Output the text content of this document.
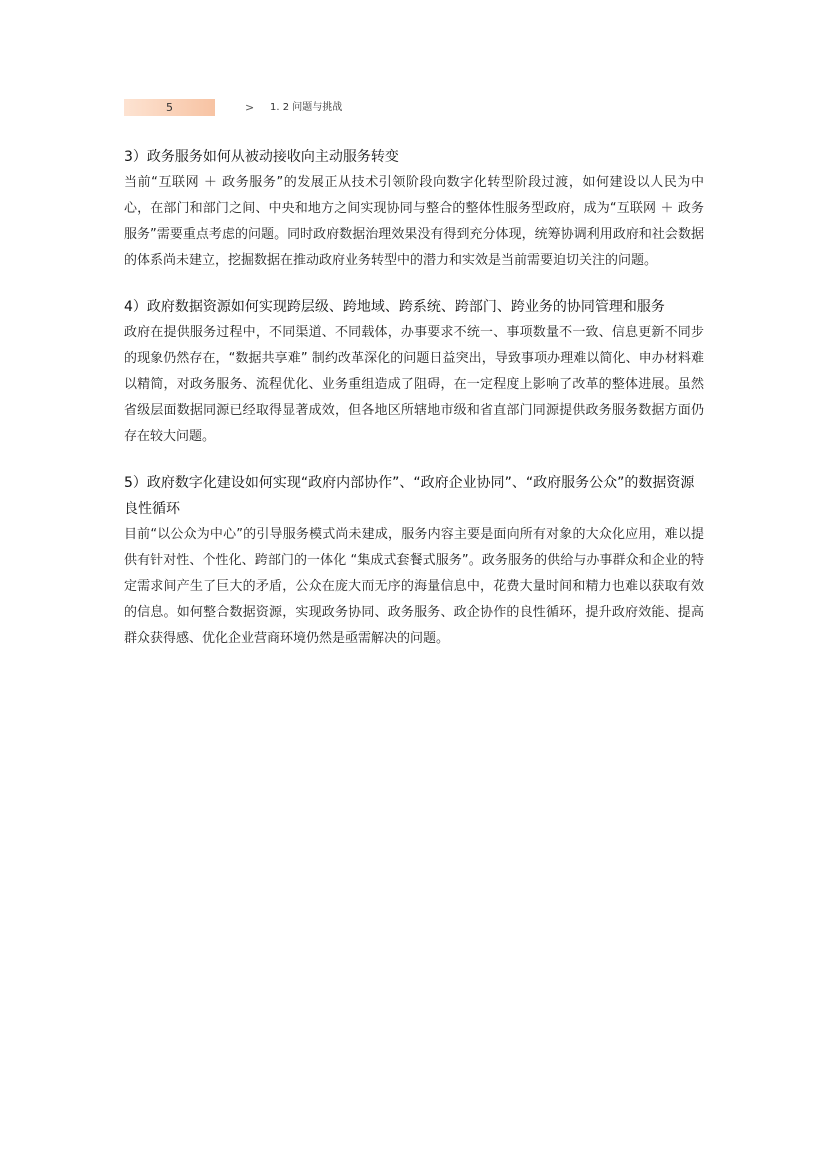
5	> 1. 2 问题与挑战

3）政务服务如何从被动接收向主动服务转变

当前“互联网 ＋ 政务服务”的发展正从技术引领阶段向数字化转型阶段过渡，如何建设以人民为中心，在部门和部门之间、中央和地方之间实现协同与整合的整体性服务型政府，成为“互联网 ＋ 政务服务”需要重点考虑的问题。同时政府数据治理效果没有得到充分体现，统筹协调利用政府和社会数据的体系尚未建立，挖掘数据在推动政府业务转型中的潜力和实效是当前需要迫切关注的问题。

4）政府数据资源如何实现跨层级、跨地域、跨系统、跨部门、跨业务的协同管理和服务

政府在提供服务过程中，不同渠道、不同载体，办事要求不统一、事项数量不一致、信息更新不同步的现象仍然存在，“数据共享难” 制约改革深化的问题日益突出，导致事项办理难以简化、申办材料难以精简，对政务服务、流程优化、业务重组造成了阻碍，在一定程度上影响了改革的整体进展。虽然省级层面数据同源已经取得显著成效，但各地区所辖地市级和省直部门同源提供政务服务数据方面仍存在较大问题。

5）政府数字化建设如何实现“政府内部协作”、“政府企业协同”、“政府服务公众”的数据资源良性循环

目前“以公众为中心”的引导服务模式尚未建成，服务内容主要是面向所有对象的大众化应用，难以提供有针对性、个性化、跨部门的一体化 “集成式套餐式服务”。政务服务的供给与办事群众和企业的特定需求间产生了巨大的矛盾，公众在庞大而无序的海量信息中，花费大量时间和精力也难以获取有效的信息。如何整合数据资源，实现政务协同、政务服务、政企协作的良性循环，提升政府效能、提高群众获得感、优化企业营商环境仍然是亟需解决的问题。
